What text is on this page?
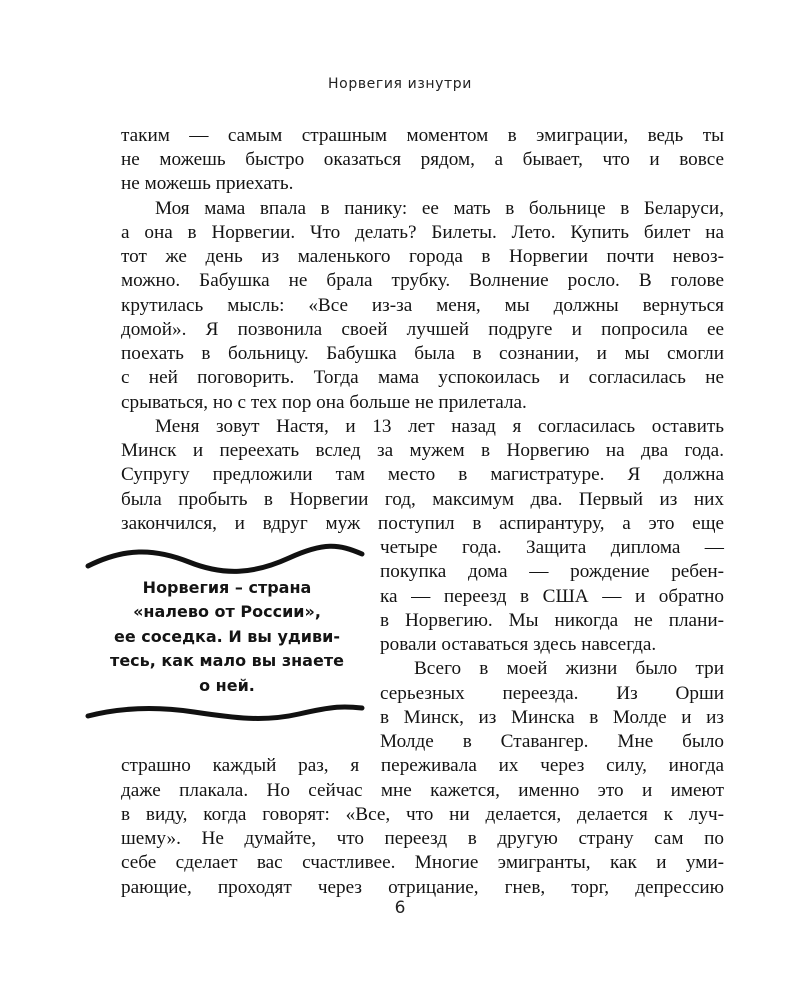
Норвегия изнутри
таким — самым страшным моментом в эмиграции, ведь ты
не можешь быстро оказаться рядом, а бывает, что и вовсе
не можешь приехать.
Моя мама впала в панику: ее мать в больнице в Беларуси,
а она в Норвегии. Что делать? Билеты. Лето. Купить билет на
тот же день из маленького города в Норвегии почти невоз-
можно. Бабушка не брала трубку. Волнение росло. В голове
крутилась мысль: «Все из-за меня, мы должны вернуться
домой». Я позвонила своей лучшей подруге и попросила ее
поехать в больницу. Бабушка была в сознании, и мы смогли
с ней поговорить. Тогда мама успокоилась и согласилась не
срываться, но с тех пор она больше не прилетала.
Меня зовут Настя, и 13 лет назад я согласилась оставить
Минск и переехать вслед за мужем в Норвегию на два года.
Супругу предложили там место в магистратуре. Я должна
была пробыть в Норвегии год, максимум два. Первый из них
закончился, и вдруг муж поступил в аспирантуру, а это еще
четыре года. Защита диплома —
покупка дома — рождение ребен-
ка — переезд в США — и обратно
в Норвегию. Мы никогда не плани-
ровали оставаться здесь навсегда.
Всего в моей жизни было три
серьезных переезда. Из Орши
в Минск, из Минска в Молде и из
Молде в Ставангер. Мне было
страшно каждый раз, я переживала их через силу, иногда
даже плакала. Но сейчас мне кажется, именно это и имеют
в виду, когда говорят: «Все, что ни делается, делается к луч-
шему». Не думайте, что переезд в другую страну сам по
себе сделает вас счастливее. Многие эмигранты, как и уми-
рающие, проходят через отрицание, гнев, торг, депрессию
Норвегия – страна
«налево от России»,
ее соседка. И вы удиви-
тесь, как мало вы знаете
о ней.
6
